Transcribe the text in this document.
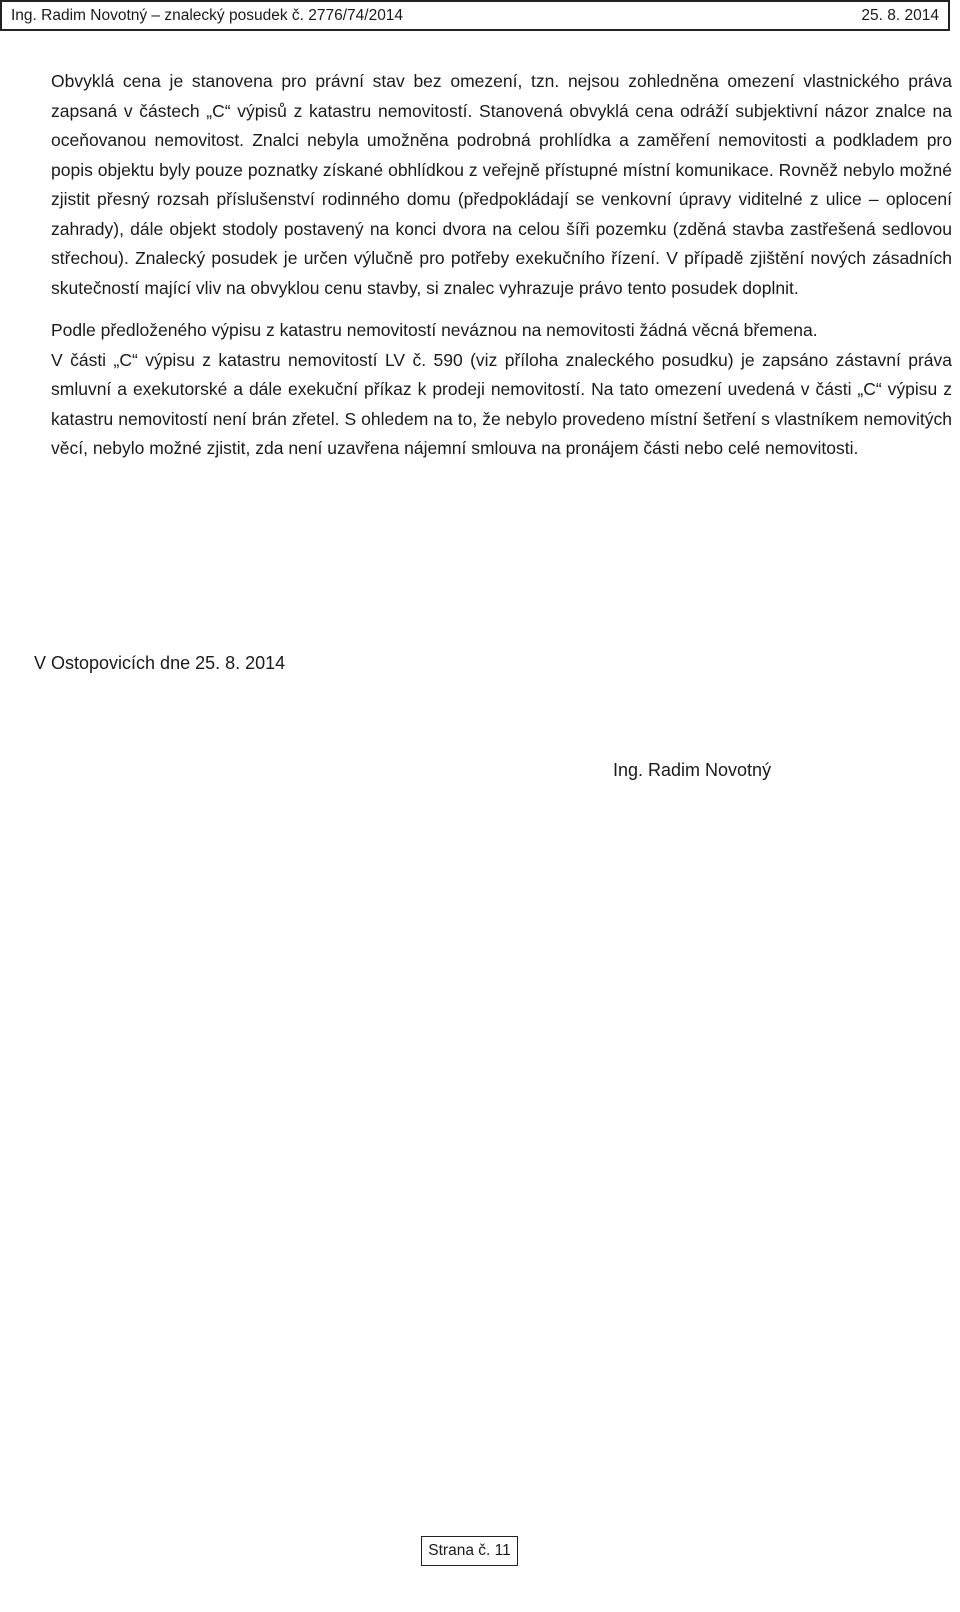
Ing. Radim Novotný – znalecký posudek č. 2776/74/2014	25. 8. 2014

Obvyklá cena je stanovena pro právní stav bez omezení, tzn. nejsou zohledněna omezení vlastnického práva zapsaná v částech „C“ výpisů z katastru nemovitostí. Stanovená obvyklá cena odráží subjektivní názor znalce na oceňovanou nemovitost. Znalci nebyla umožněna podrobná prohlídka a zaměření nemovitosti a podkladem pro popis objektu byly pouze poznatky získané obhlídkou z veřejně přístupné místní komunikace. Rovněž nebylo možné zjistit přesný rozsah příslušenství rodinného domu (předpokládají se venkovní úpravy viditelné z ulice – oplocení zahrady), dále objekt stodoly postavený na konci dvora na celou šíři pozemku (zděná stavba zastřešená sedlovou střechou). Znalecký posudek je určen výlučně pro potřeby exekučního řízení. V případě zjištění nových zásadních skutečností mající vliv na obvyklou cenu stavby, si znalec vyhrazuje právo tento posudek doplnit.

Podle předloženého výpisu z katastru nemovitostí neváznou na nemovitosti žádná věcná břemena.

V části „C“ výpisu z katastru nemovitostí LV č. 590 (viz příloha znaleckého posudku) je zapsáno zástavní práva smluvní a exekutorské a dále exekuční příkaz k prodeji nemovitostí. Na tato omezení uvedená v části „C“ výpisu z katastru nemovitostí není brán zřetel. S ohledem na to, že nebylo provedeno místní šetření s vlastníkem nemovitých věcí, nebylo možné zjistit, zda není uzavřena nájemní smlouva na pronájem části nebo celé nemovitosti.

V Ostopovicích dne 25. 8. 2014
Ing. Radim Novotný
Strana č. 11
